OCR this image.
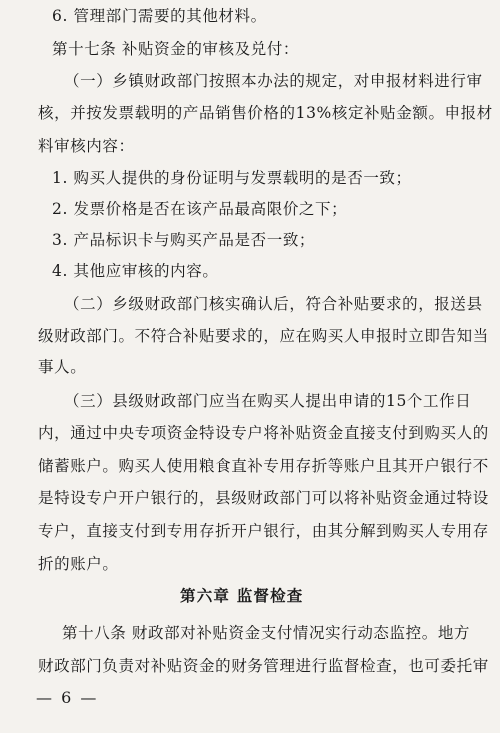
6. 管理部门需要的其他材料。
第十七条 补贴资金的审核及兑付：
（一）乡镇财政部门按照本办法的规定，对申报材料进行审
核，并按发票载明的产品销售价格的13%核定补贴金额。申报材
料审核内容：
1. 购买人提供的身份证明与发票载明的是否一致；
2. 发票价格是否在该产品最高限价之下；
3. 产品标识卡与购买产品是否一致；
4. 其他应审核的内容。
（二）乡级财政部门核实确认后，符合补贴要求的，报送县
级财政部门。不符合补贴要求的，应在购买人申报时立即告知当
事人。
（三）县级财政部门应当在购买人提出申请的15个工作日
内，通过中央专项资金特设专户将补贴资金直接支付到购买人的
储蓄账户。购买人使用粮食直补专用存折等账户且其开户银行不
是特设专户开户银行的，县级财政部门可以将补贴资金通过特设
专户，直接支付到专用存折开户银行，由其分解到购买人专用存
折的账户。
第六章 监督检查
第十八条 财政部对补贴资金支付情况实行动态监控。地方
财政部门负责对补贴资金的财务管理进行监督检查，也可委托审
— 6 —
